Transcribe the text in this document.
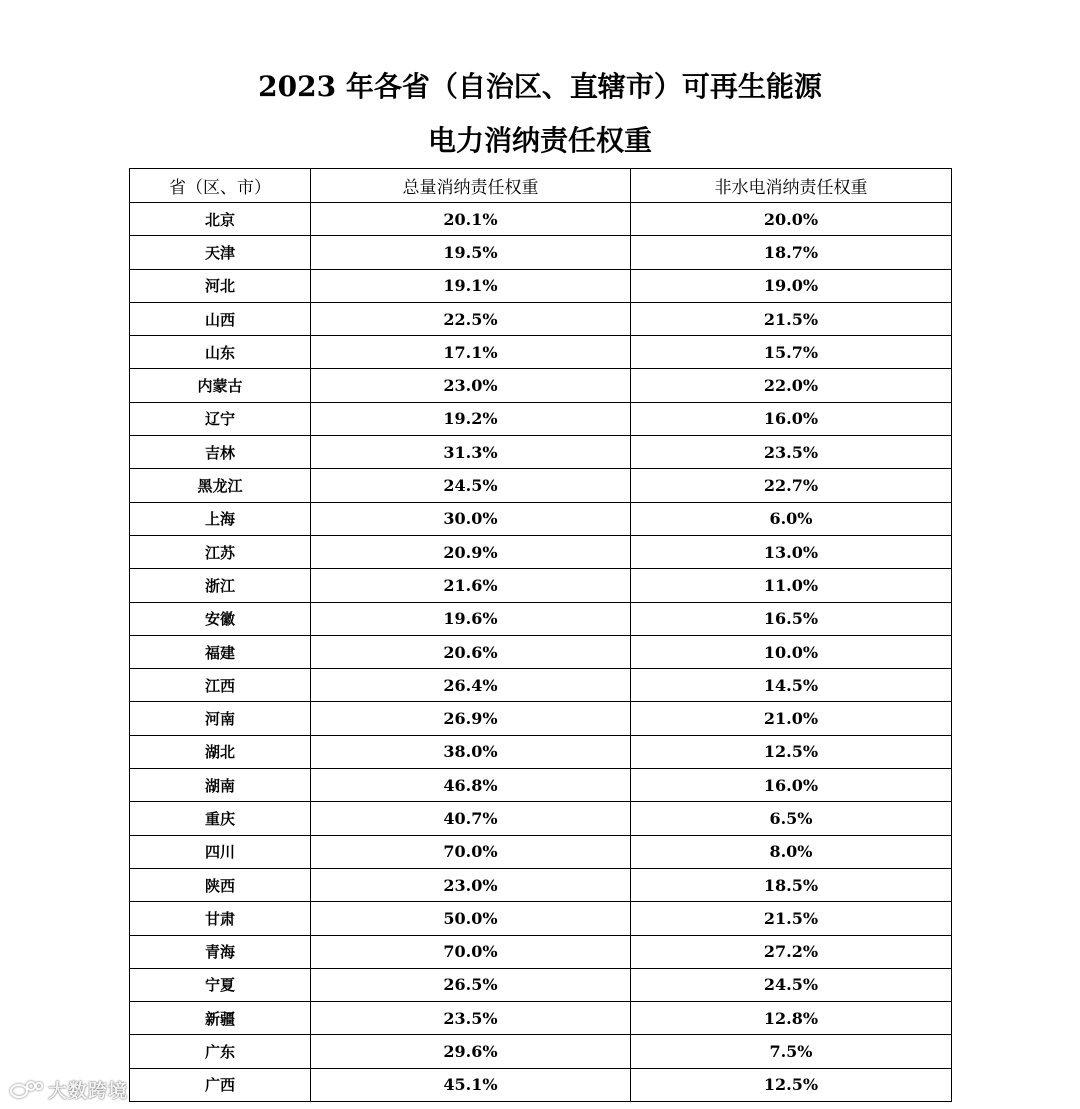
2023 年各省（自治区、直辖市）可再生能源
电力消纳责任权重
省（区、市）	总量消纳责任权重	非水电消纳责任权重
北京	20.1%	20.0%
天津	19.5%	18.7%
河北	19.1%	19.0%
山西	22.5%	21.5%
山东	17.1%	15.7%
内蒙古	23.0%	22.0%
辽宁	19.2%	16.0%
吉林	31.3%	23.5%
黑龙江	24.5%	22.7%
上海	30.0%	6.0%
江苏	20.9%	13.0%
浙江	21.6%	11.0%
安徽	19.6%	16.5%
福建	20.6%	10.0%
江西	26.4%	14.5%
河南	26.9%	21.0%
湖北	38.0%	12.5%
湖南	46.8%	16.0%
重庆	40.7%	6.5%
四川	70.0%	8.0%
陕西	23.0%	18.5%
甘肃	50.0%	21.5%
青海	70.0%	27.2%
宁夏	26.5%	24.5%
新疆	23.5%	12.8%
广东	29.6%	7.5%
广西	45.1%	12.5%
大数跨境
